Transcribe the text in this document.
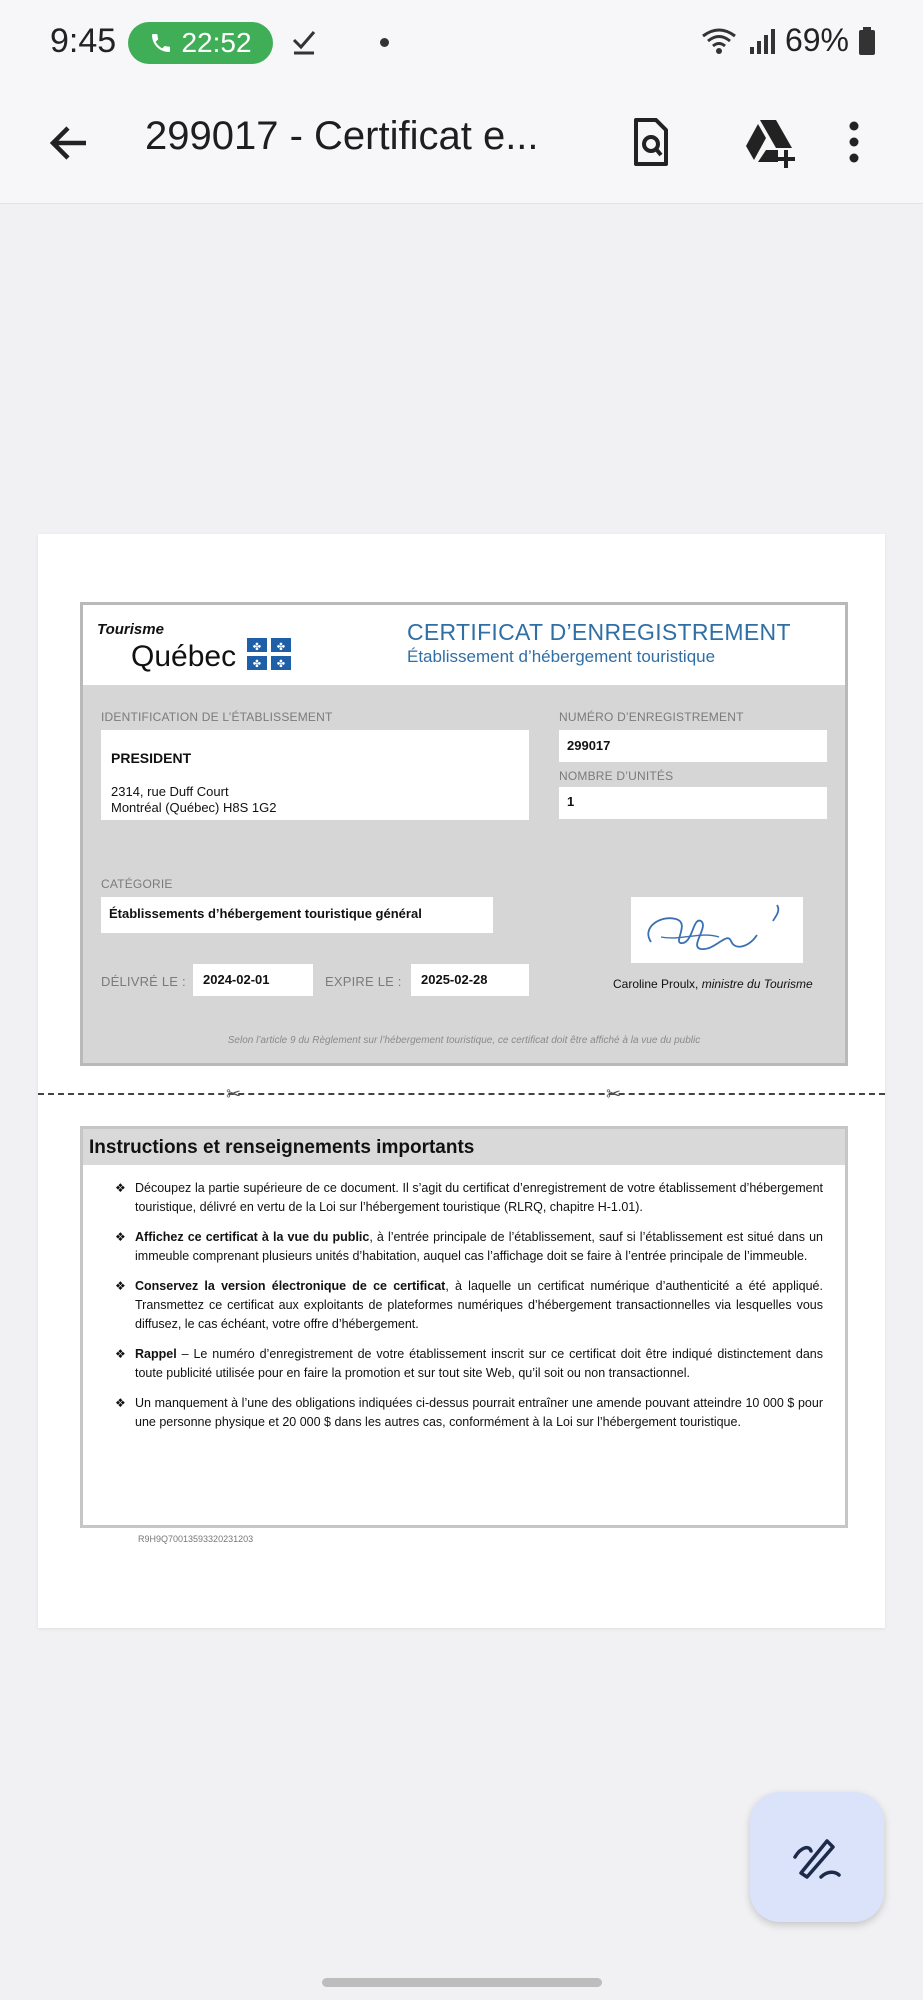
9:45 22:52	69%
299017 - Certificat e...
Tourisme
Québec ✤ ✤
✤ ✤
CERTIFICAT D’ENREGISTREMENT
Établissement d’hébergement touristique
IDENTIFICATION DE L’ÉTABLISSEMENT
PRESIDENT
2314, rue Duff Court
Montréal (Québec) H8S 1G2
NUMÉRO D’ENREGISTREMENT
299017
NOMBRE D’UNITÉS
1
CATÉGORIE
Établissements d’hébergement touristique général
DÉLIVRÉ LE : 2024-02-01	EXPIRE LE : 2025-02-28	Caroline Proulx, ministre du Tourisme
Selon l’article 9 du Règlement sur l’hébergement touristique, ce certificat doit être affiché à la vue du public
✂	✂
Instructions et renseignements importants
❖ Découpez la partie supérieure de ce document. Il s’agit du certificat d’enregistrement de votre établissement d’hébergement touristique, délivré en vertu de la Loi sur l’hébergement touristique (RLRQ, chapitre H-1.01).
❖ Affichez ce certificat à la vue du public, à l’entrée principale de l’établissement, sauf si l’établissement est situé dans un immeuble comprenant plusieurs unités d’habitation, auquel cas l’affichage doit se faire à l’entrée principale de l’immeuble.
❖ Conservez la version électronique de ce certificat, à laquelle un certificat numérique d’authenticité a été appliqué. Transmettez ce certificat aux exploitants de plateformes numériques d’hébergement transactionnelles via lesquelles vous diffusez, le cas échéant, votre offre d’hébergement.
❖ Rappel – Le numéro d’enregistrement de votre établissement inscrit sur ce certificat doit être indiqué distinctement dans toute publicité utilisée pour en faire la promotion et sur tout site Web, qu’il soit ou non transactionnel.
❖ Un manquement à l’une des obligations indiquées ci-dessus pourrait entraîner une amende pouvant atteindre 10 000 $ pour une personne physique et 20 000 $ dans les autres cas, conformément à la Loi sur l’hébergement touristique.
R9H9Q70013593320231203
